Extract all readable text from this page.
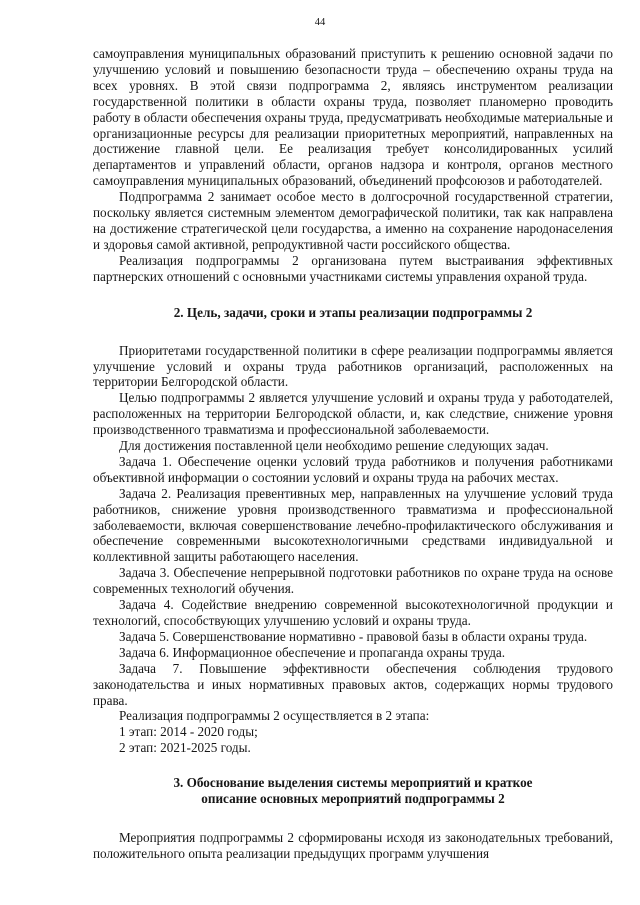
44

самоуправления муниципальных образований приступить к решению основной задачи по улучшению условий и повышению безопасности труда – обеспечению охраны труда на всех уровнях. В этой связи подпрограмма 2, являясь инструментом реализации государственной политики в области охраны труда, позволяет планомерно проводить работу в области обеспечения охраны труда, предусматривать необходимые материальные и организационные ресурсы для реализации приоритетных мероприятий, направленных на достижение главной цели. Ее реализация требует консолидированных усилий департаментов и управлений области, органов надзора и контроля, органов местного самоуправления муниципальных образований, объединений профсоюзов и работодателей.

Подпрограмма 2 занимает особое место в долгосрочной государственной стратегии, поскольку является системным элементом демографической политики, так как направлена на достижение стратегической цели государства, а именно на сохранение народонаселения и здоровья самой активной, репродуктивной части российского общества.

Реализация подпрограммы 2 организована путем выстраивания эффективных партнерских отношений с основными участниками системы управления охраной труда.

2. Цель, задачи, сроки и этапы реализации подпрограммы 2

Приоритетами государственной политики в сфере реализации подпрограммы является улучшение условий и охраны труда работников организаций, расположенных на территории Белгородской области.

Целью подпрограммы 2 является улучшение условий и охраны труда у работодателей, расположенных на территории Белгородской области, и, как следствие, снижение уровня производственного травматизма и профессиональной заболеваемости.

Для достижения поставленной цели необходимо решение следующих задач.

Задача 1. Обеспечение оценки условий труда работников и получения работниками объективной информации о состоянии условий и охраны труда на рабочих местах.

Задача 2. Реализация превентивных мер, направленных на улучшение условий труда работников, снижение уровня производственного травматизма и профессиональной заболеваемости, включая совершенствование лечебно-профилактического обслуживания и обеспечение современными высокотехнологичными средствами индивидуальной и коллективной защиты работающего населения.

Задача 3. Обеспечение непрерывной подготовки работников по охране труда на основе современных технологий обучения.

Задача 4. Содействие внедрению современной высокотехнологичной продукции и технологий, способствующих улучшению условий и охраны труда.

Задача 5. Совершенствование нормативно - правовой базы в области охраны труда.

Задача 6. Информационное обеспечение и пропаганда охраны труда.

Задача 7. Повышение эффективности обеспечения соблюдения трудового законодательства и иных нормативных правовых актов, содержащих нормы трудового права.

Реализация подпрограммы 2 осуществляется в 2 этапа:

1 этап: 2014 - 2020 годы;

2 этап: 2021-2025 годы.

3. Обоснование выделения системы мероприятий и краткое
описание основных мероприятий подпрограммы 2

Мероприятия подпрограммы 2 сформированы исходя из законодательных требований, положительного опыта реализации предыдущих программ улучшения
